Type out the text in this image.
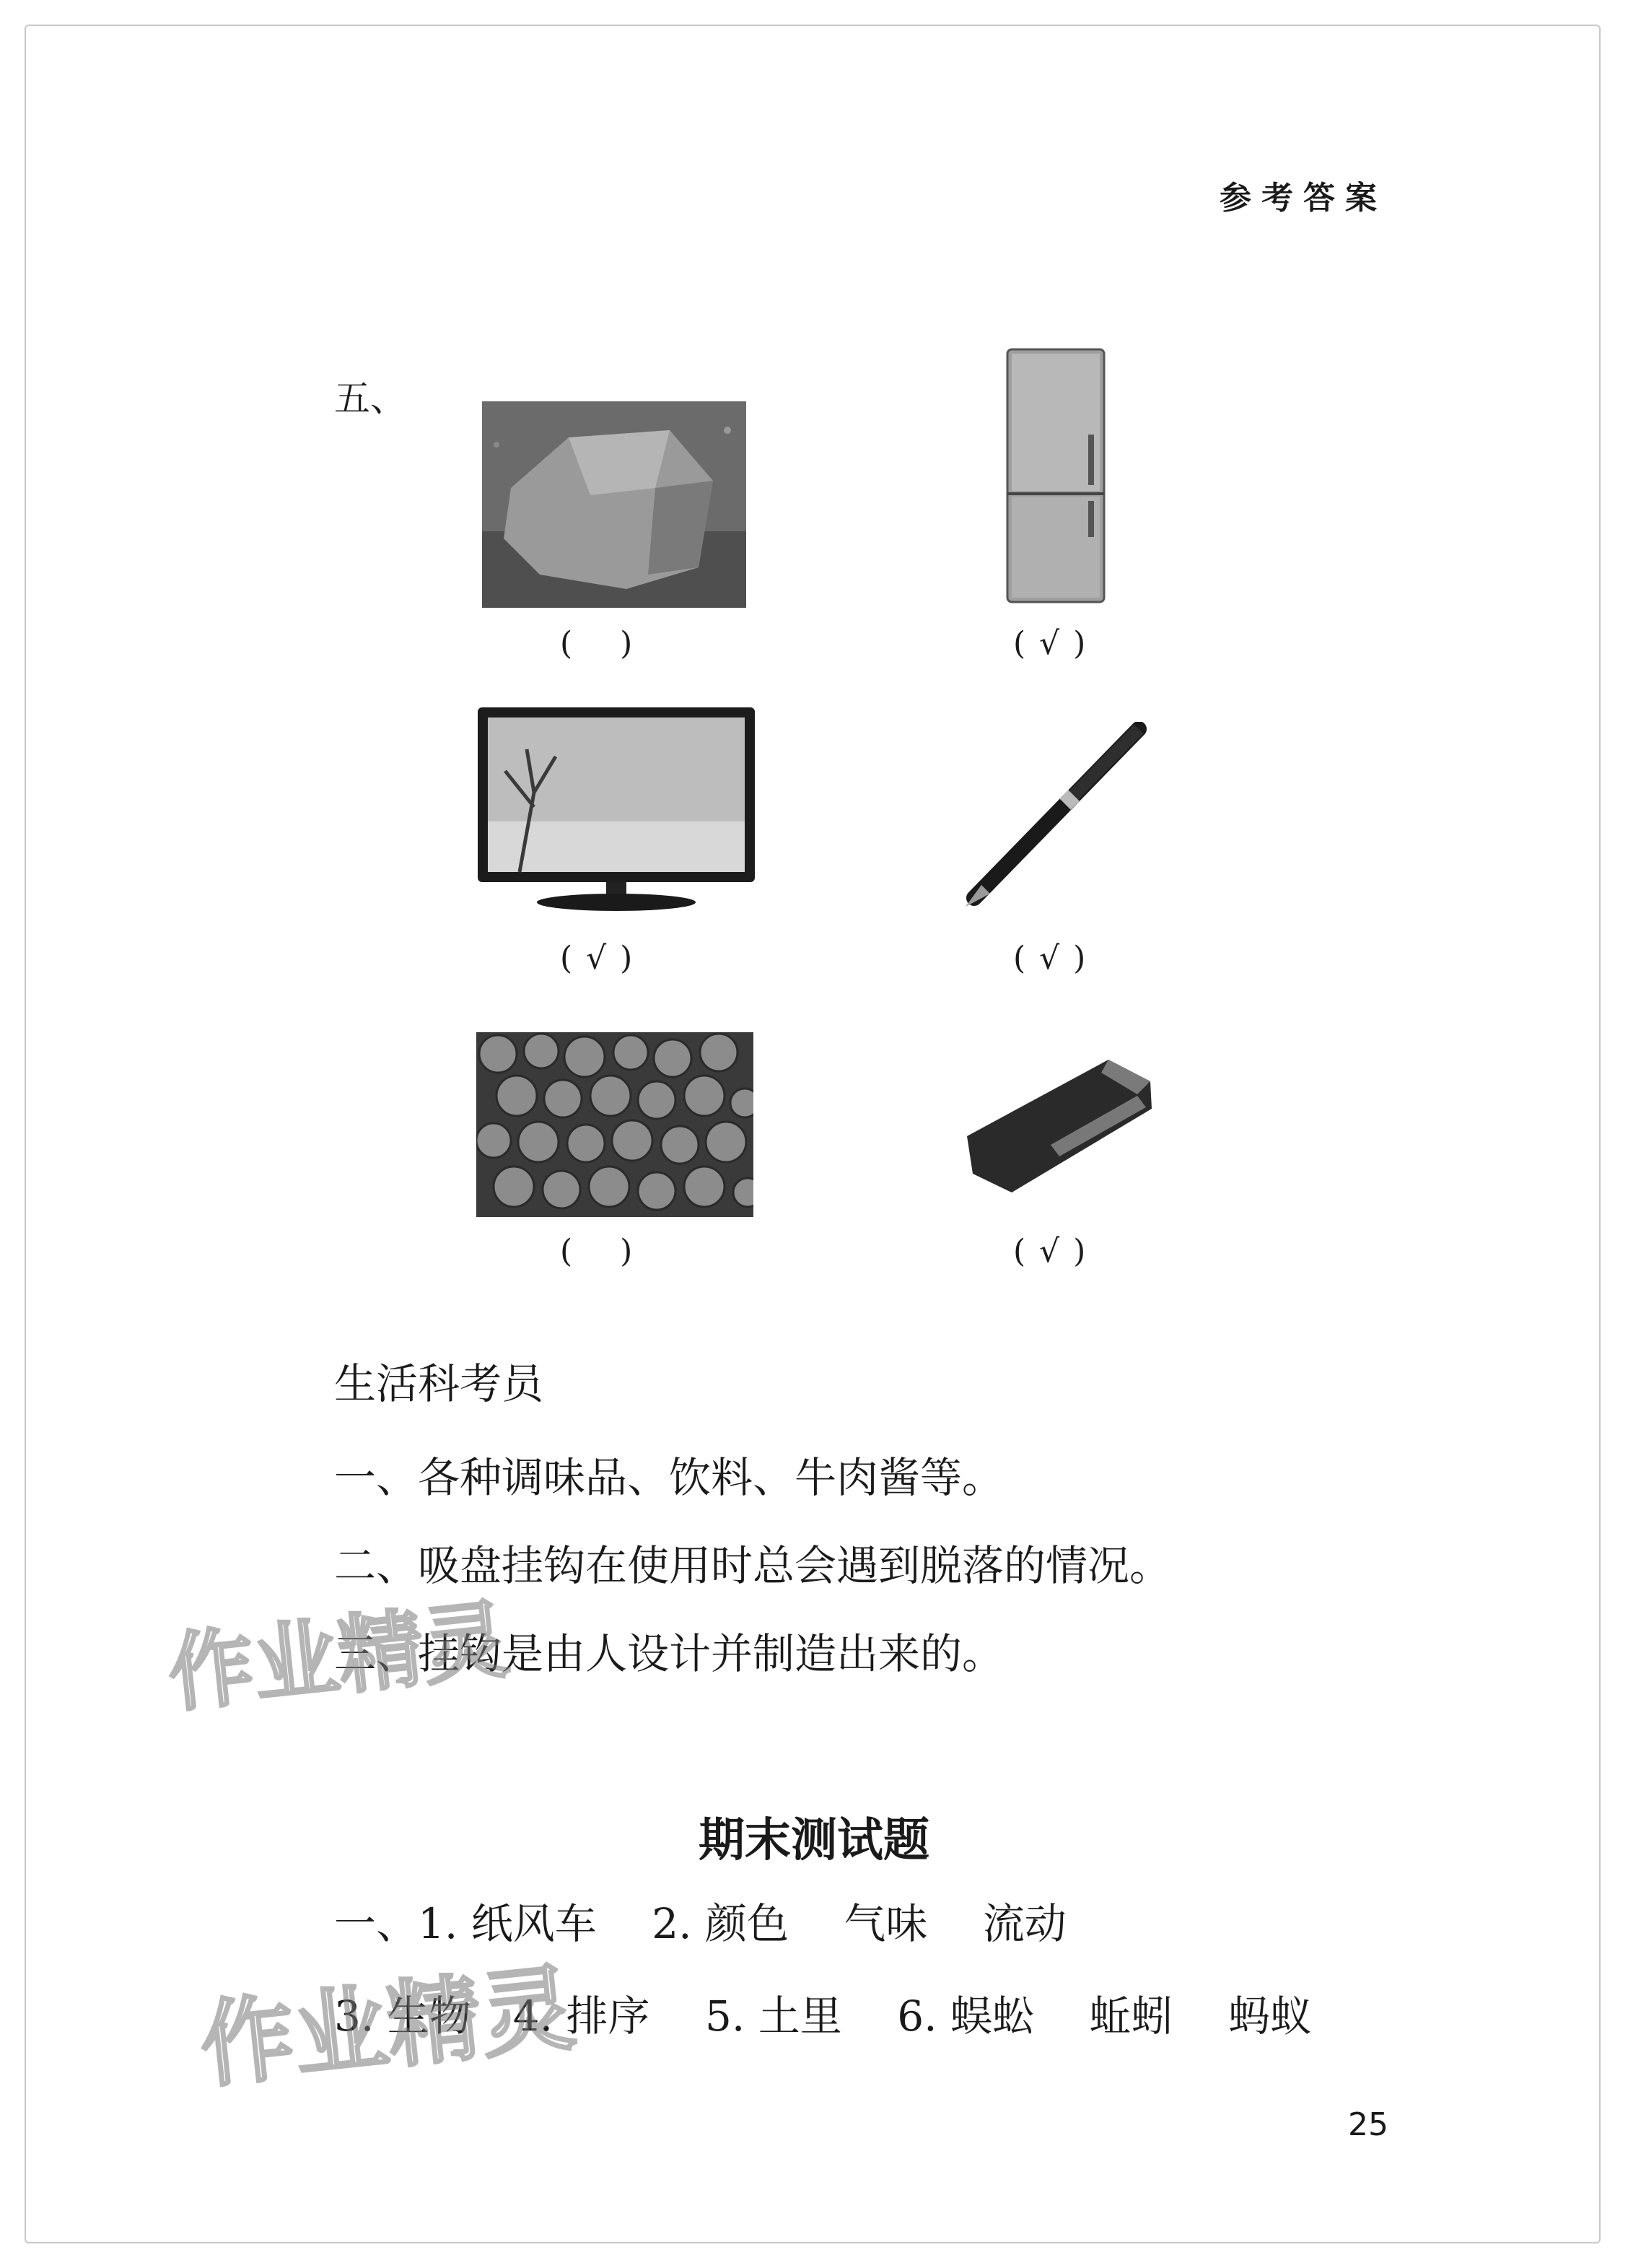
参考答案
五、
( )	( √ )
( √ )	( √ )
( )	( √ )
生活科考员
一、各种调味品、饮料、牛肉酱等。
二、吸盘挂钩在使用时总会遇到脱落的情况。
三、挂钩是由人设计并制造出来的。
期末测试题
一、1. 纸风车　 2. 颜色　 气味　 流动
3. 生物　4. 排序　 5. 土里　 6. 蜈蚣　 蚯蚓　 蚂蚁
作业精灵
作业精灵
25
